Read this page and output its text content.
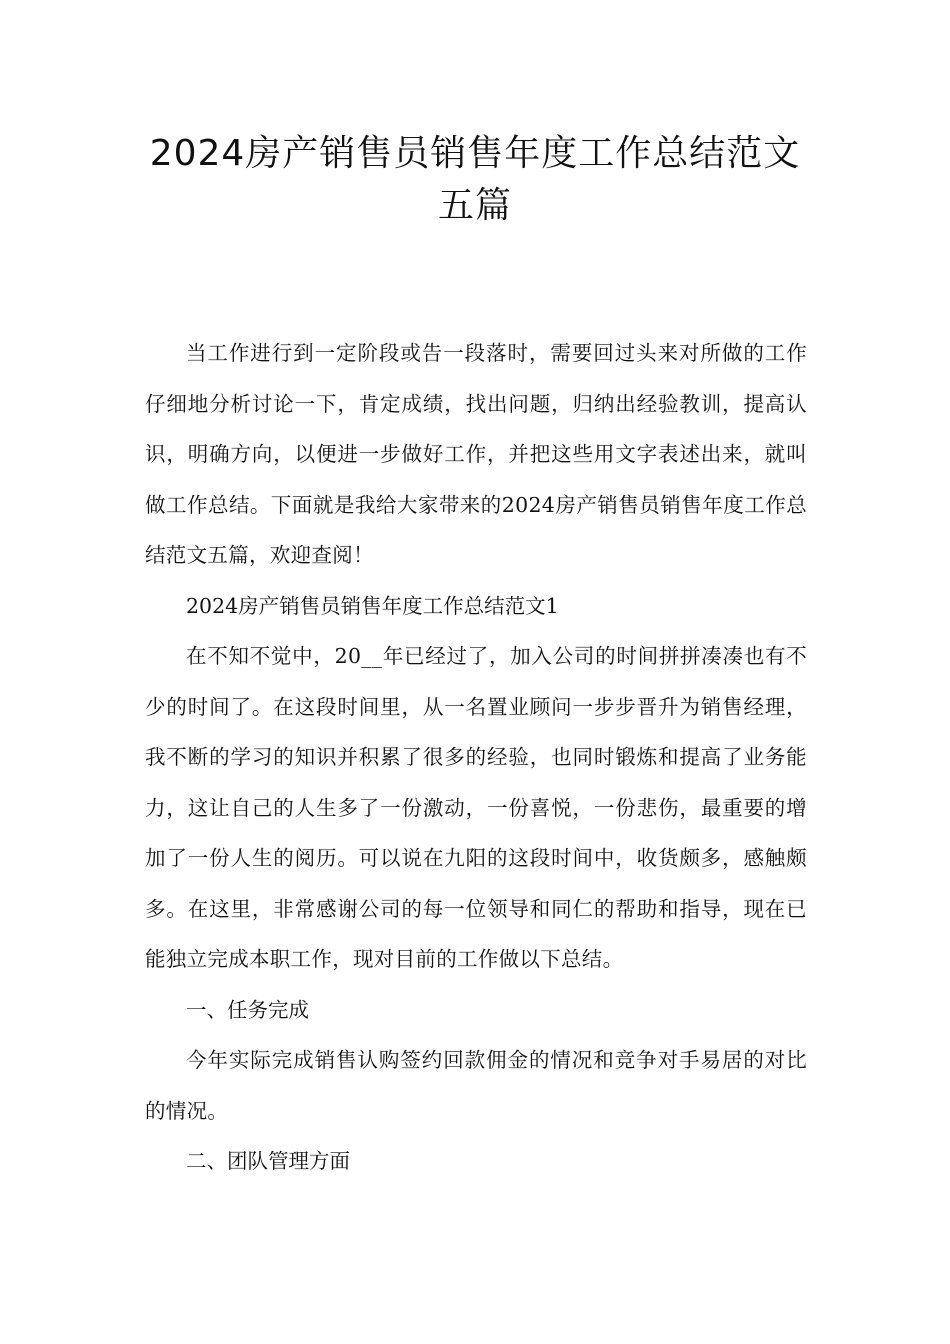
2024房产销售员销售年度工作总结范文
五篇

当工作进行到一定阶段或告一段落时，需要回过头来对所做的工作仔细地分析讨论一下，肯定成绩，找出问题，归纳出经验教训，提高认识，明确方向，以便进一步做好工作，并把这些用文字表述出来，就叫做工作总结。下面就是我给大家带来的2024房产销售员销售年度工作总结范文五篇，欢迎查阅！

2024房产销售员销售年度工作总结范文1

在不知不觉中，20__年已经过了，加入公司的时间拼拼凑凑也有不少的时间了。在这段时间里，从一名置业顾问一步步晋升为销售经理，我不断的学习的知识并积累了很多的经验，也同时锻炼和提高了业务能力，这让自己的人生多了一份激动，一份喜悦，一份悲伤，最重要的增加了一份人生的阅历。可以说在九阳的这段时间中，收货颇多，感触颇多。在这里，非常感谢公司的每一位领导和同仁的帮助和指导，现在已能独立完成本职工作，现对目前的工作做以下总结。

一、任务完成

今年实际完成销售认购签约回款佣金的情况和竞争对手易居的对比的情况。

二、团队管理方面
